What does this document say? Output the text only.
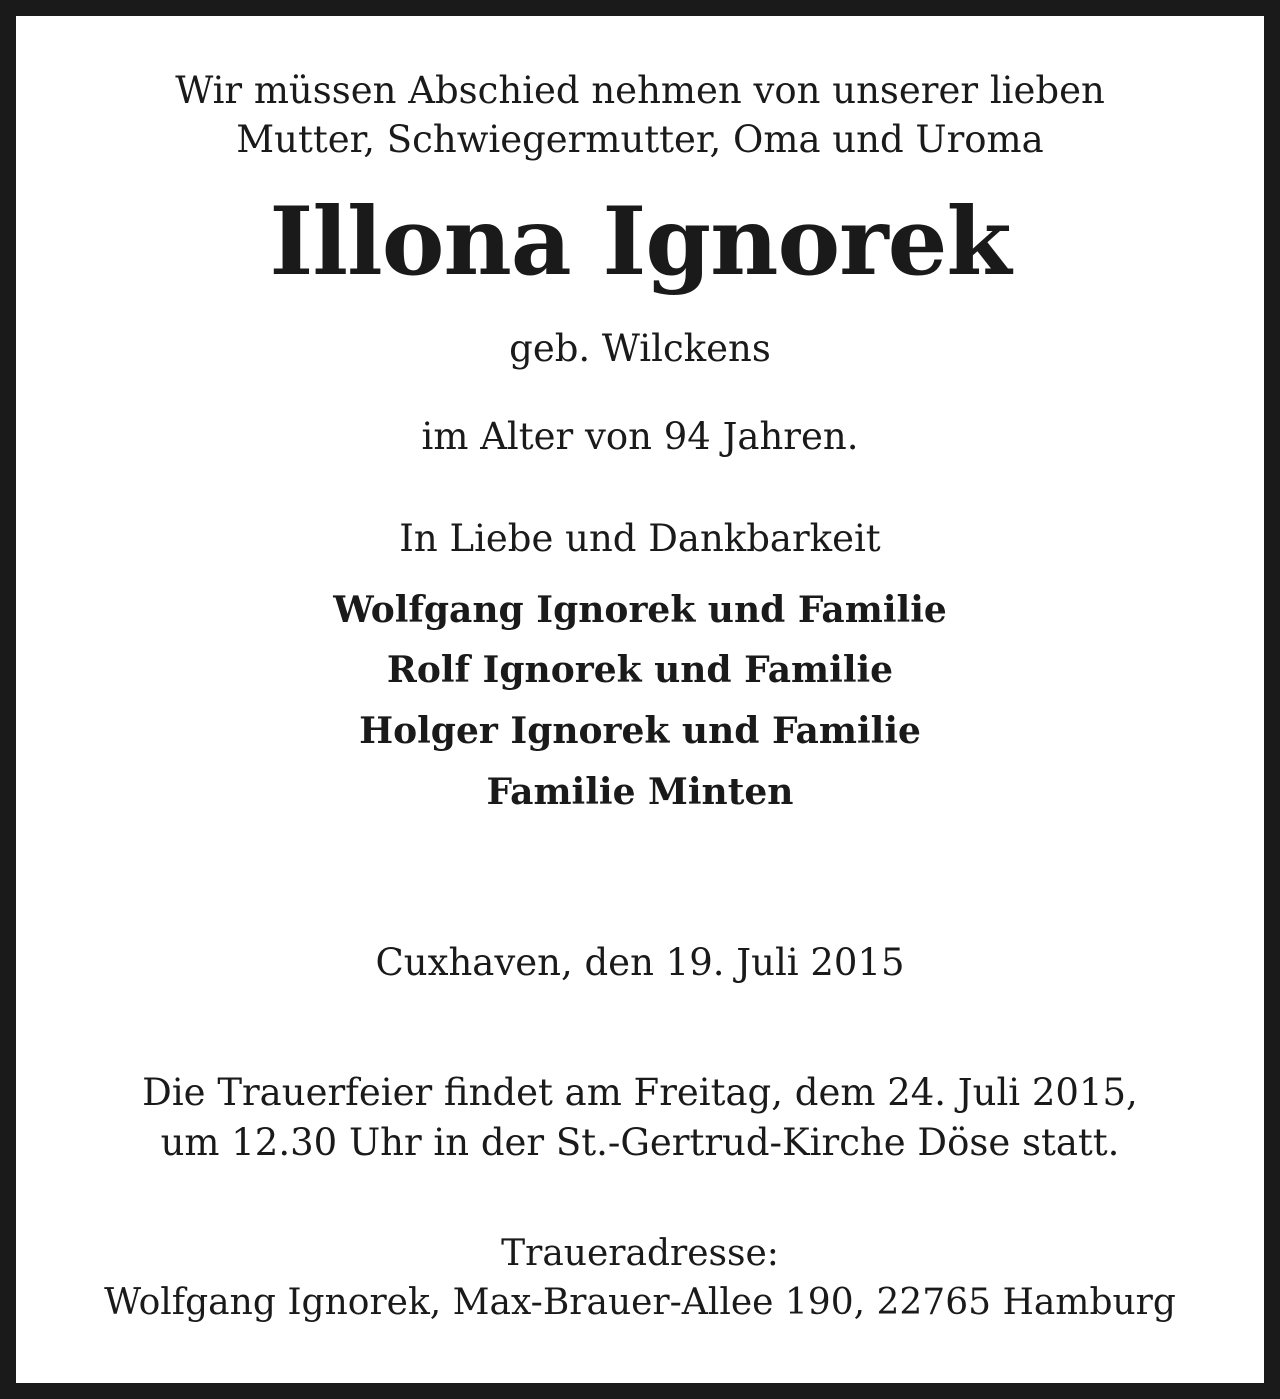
Wir müssen Abschied nehmen von unserer lieben
Mutter, Schwiegermutter, Oma und Uroma
Illona Ignorek
geb. Wilckens
im Alter von 94 Jahren.
In Liebe und Dankbarkeit
Wolfgang Ignorek und Familie
Rolf Ignorek und Familie
Holger Ignorek und Familie
Familie Minten
Cuxhaven, den 19. Juli 2015
Die Trauerfeier findet am Freitag, dem 24. Juli 2015,
um 12.30 Uhr in der St.-Gertrud-Kirche Döse statt.
Traueradresse:
Wolfgang Ignorek, Max-Brauer-Allee 190, 22765 Hamburg
